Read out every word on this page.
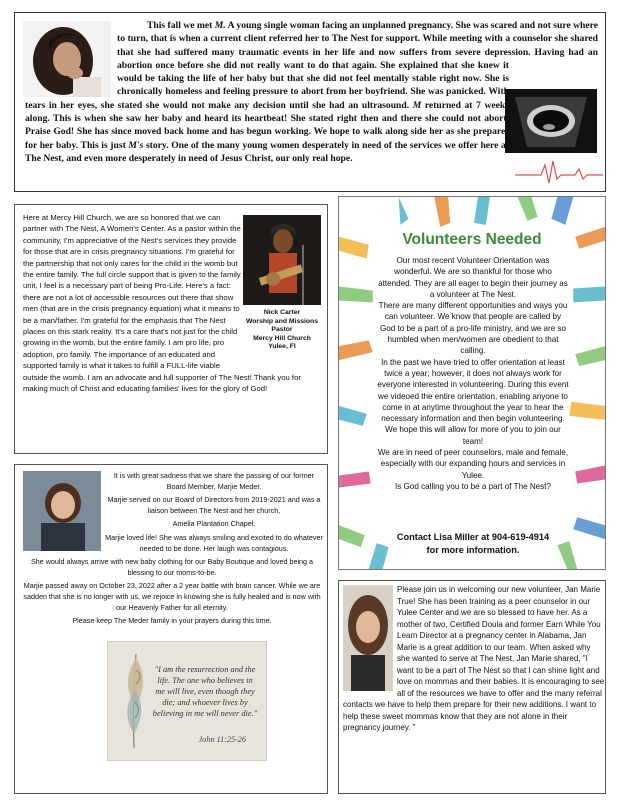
This fall we met M. A young single woman facing an unplanned pregnancy. She was scared and not sure where to turn, that is when a current client referred her to The Nest for support. While meeting with a counselor she shared that she had suffered many traumatic events in her life and now suffers from severe depression. Having had an abortion once before she did not really want to do that again. She explained that she knew it would be taking the life of her baby but that she did not feel mentally stable right now. She is chronically homeless and feeling pressure to abort from her boyfriend. She was panicked. With tears in her eyes, she stated she would not make any decision until she had an ultrasound. M returned at 7 weeks along. This is when she saw her baby and heard its heartbeat! She stated right then and there she could not abort. Praise God! She has since moved back home and has begun working. We hope to walk along side her as she prepares for her baby. This is just M's story. One of the many young women desperately in need of the services we offer here at The Nest, and even more desperately in need of Jesus Christ, our only real hope.
Nick Carter
Worship and Missions
Pastor
Mercy Hill Church
Yulee, Fl
Here at Mercy Hill Church, we are so honored that we can partner with The Nest, A Women's Center. As a pastor within the community, I'm appreciative of the Nest's services they provide for those that are in crisis pregnancy situations. I'm grateful for the partnership that not only cares for the child in the womb but the entire family. The full circle support that is given to the family unit, I feel is a necessary part of being Pro-Life. Here's a fact: there are not a lot of accessible resources out there that show men (that are in the crisis pregnancy equation) what it means to be a man/father. I'm grateful for the emphasis that The Nest places on this stark reality. It's a care that's not just for the child growing in the womb, but the entire family. I am pro life, pro adoption, pro family. The importance of an educated and supported family is what it takes to fulfill a FULL-life viable outside the womb. I am an advocate and full supporter of The Nest! Thank you for making much of Christ and educating families' lives for the glory of God!
Volunteers Needed

Our most recent Volunteer Orientation was wonderful. We are so thankful for those who attended. They are all eager to begin their journey as a volunteer at The Nest.

There are many different opportunities and ways you can volunteer. We know that people are called by God to be a part of a pro-life ministry, and we are so humbled when men/women are obedient to that calling.

In the past we have tried to offer orientation at least twice a year; however, it does not always work for everyone interested in volunteering. During this event we videoed the entire orientation, enabling anyone to come in at anytime throughout the year to hear the necessary information and then begin volunteering. We hope this will allow for more of you to join our team!

We are in need of peer counselors, male and female, especially with our expanding hours and services in Yulee.

Is God calling you to be a part of The Nest?

Contact Lisa Miller at 904-619-4914
for more information.

It is with great sadness that we share the passing of our former Board Member, Marjie Meder.

Marjie served on our Board of Directors from 2019-2021 and was a liaison between The Nest and her church,

Amelia Plantation Chapel.

Marjie loved life! She was always smiling and excited to do whatever needed to be done. Her laugh was contagious.

She would always arrive with new baby clothing for our Baby Boutique and loved being a blessing to our moms-to-be.

Marjie passed away on October 23, 2022 after a 2 year battle with brain cancer. While we are sadden that she is no longer with us, we rejoice in knowing she is fully healed and is now with our Heavenly Father for all eternity.

Please keep The Meder family in your prayers during this time.

"I am the resurrection and the life. The one who believes in me will live, even though they die; and whoever lives by believing in me will never die."
John 11:25-26
Please join us in welcoming our new volunteer, Jan Marie True! She has been training as a peer counselor in our Yulee Center and we are so blessed to have her. As a mother of two, Certified Doula and former Earn While You Learn Director at a pregnancy center in Alabama, Jan Marie is a great addition to our team. When asked why she wanted to serve at The Nest, Jan Marie shared, "I want to be a part of The Nest so that I can shine light and love on mommas and their babies. It is encouraging to see all of the resources we have to offer and the many referral contacts we have to help them prepare for their new additions. I want to help these sweet mommas know that they are not alone in their pregnancy journey. "
